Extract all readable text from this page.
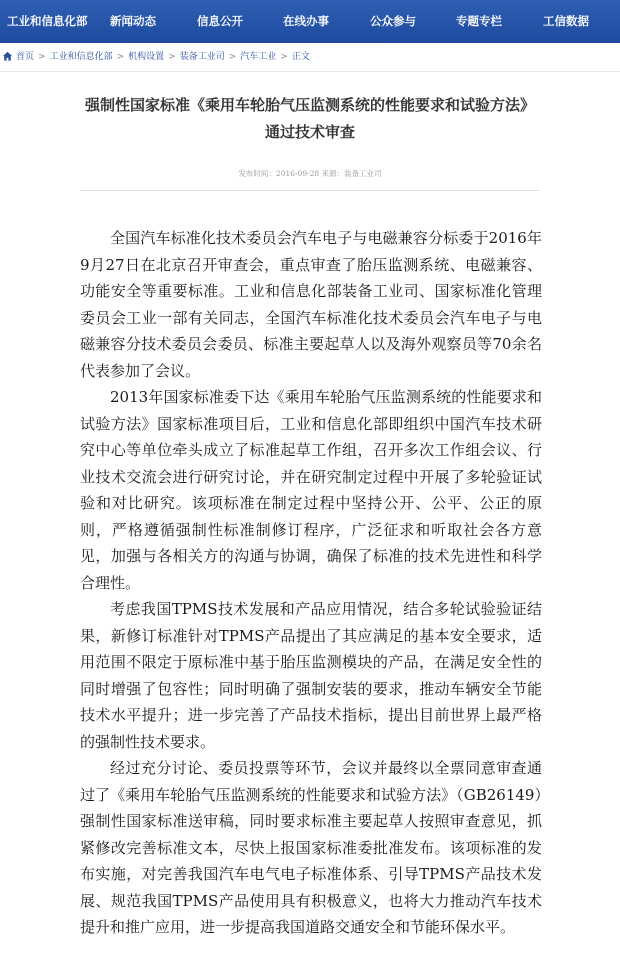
工业和信息化部 新闻动态	信息公开	在线办事	公众参与	专题专栏	工信数据
首页 > 工业和信息化部 > 机构设置 > 装备工业司 > 汽车工业 > 正文
强制性国家标准《乘用车轮胎气压监测系统的性能要求和试验方法》
通过技术审查
发布时间：2016-09-28 来源：装备工业司

全国汽车标准化技术委员会汽车电子与电磁兼容分标委于2016年9月27日在北京召开审查会，重点审查了胎压监测系统、电磁兼容、功能安全等重要标准。工业和信息化部装备工业司、国家标准化管理委员会工业一部有关同志，全国汽车标准化技术委员会汽车电子与电磁兼容分技术委员会委员、标准主要起草人以及海外观察员等70余名代表参加了会议。

2013年国家标准委下达《乘用车轮胎气压监测系统的性能要求和试验方法》国家标准项目后，工业和信息化部即组织中国汽车技术研究中心等单位牵头成立了标准起草工作组，召开多次工作组会议、行业技术交流会进行研究讨论，并在研究制定过程中开展了多轮验证试验和对比研究。该项标准在制定过程中坚持公开、公平、公正的原则，严格遵循强制性标准制修订程序，广泛征求和听取社会各方意见，加强与各相关方的沟通与协调，确保了标准的技术先进性和科学合理性。

考虑我国TPMS技术发展和产品应用情况，结合多轮试验验证结果，新修订标准针对TPMS产品提出了其应满足的基本安全要求，适用范围不限定于原标准中基于胎压监测模块的产品，在满足安全性的同时增强了包容性；同时明确了强制安装的要求，推动车辆安全节能技术水平提升；进一步完善了产品技术指标，提出目前世界上最严格的强制性技术要求。

经过充分讨论、委员投票等环节，会议并最终以全票同意审查通过了《乘用车轮胎气压监测系统的性能要求和试验方法》（GB26149）强制性国家标准送审稿，同时要求标准主要起草人按照审查意见，抓紧修改完善标准文本，尽快上报国家标准委批准发布。该项标准的发布实施，对完善我国汽车电气电子标准体系、引导TPMS产品技术发展、规范我国TPMS产品使用具有积极意义，也将大力推动汽车技术提升和推广应用，进一步提高我国道路交通安全和节能环保水平。
